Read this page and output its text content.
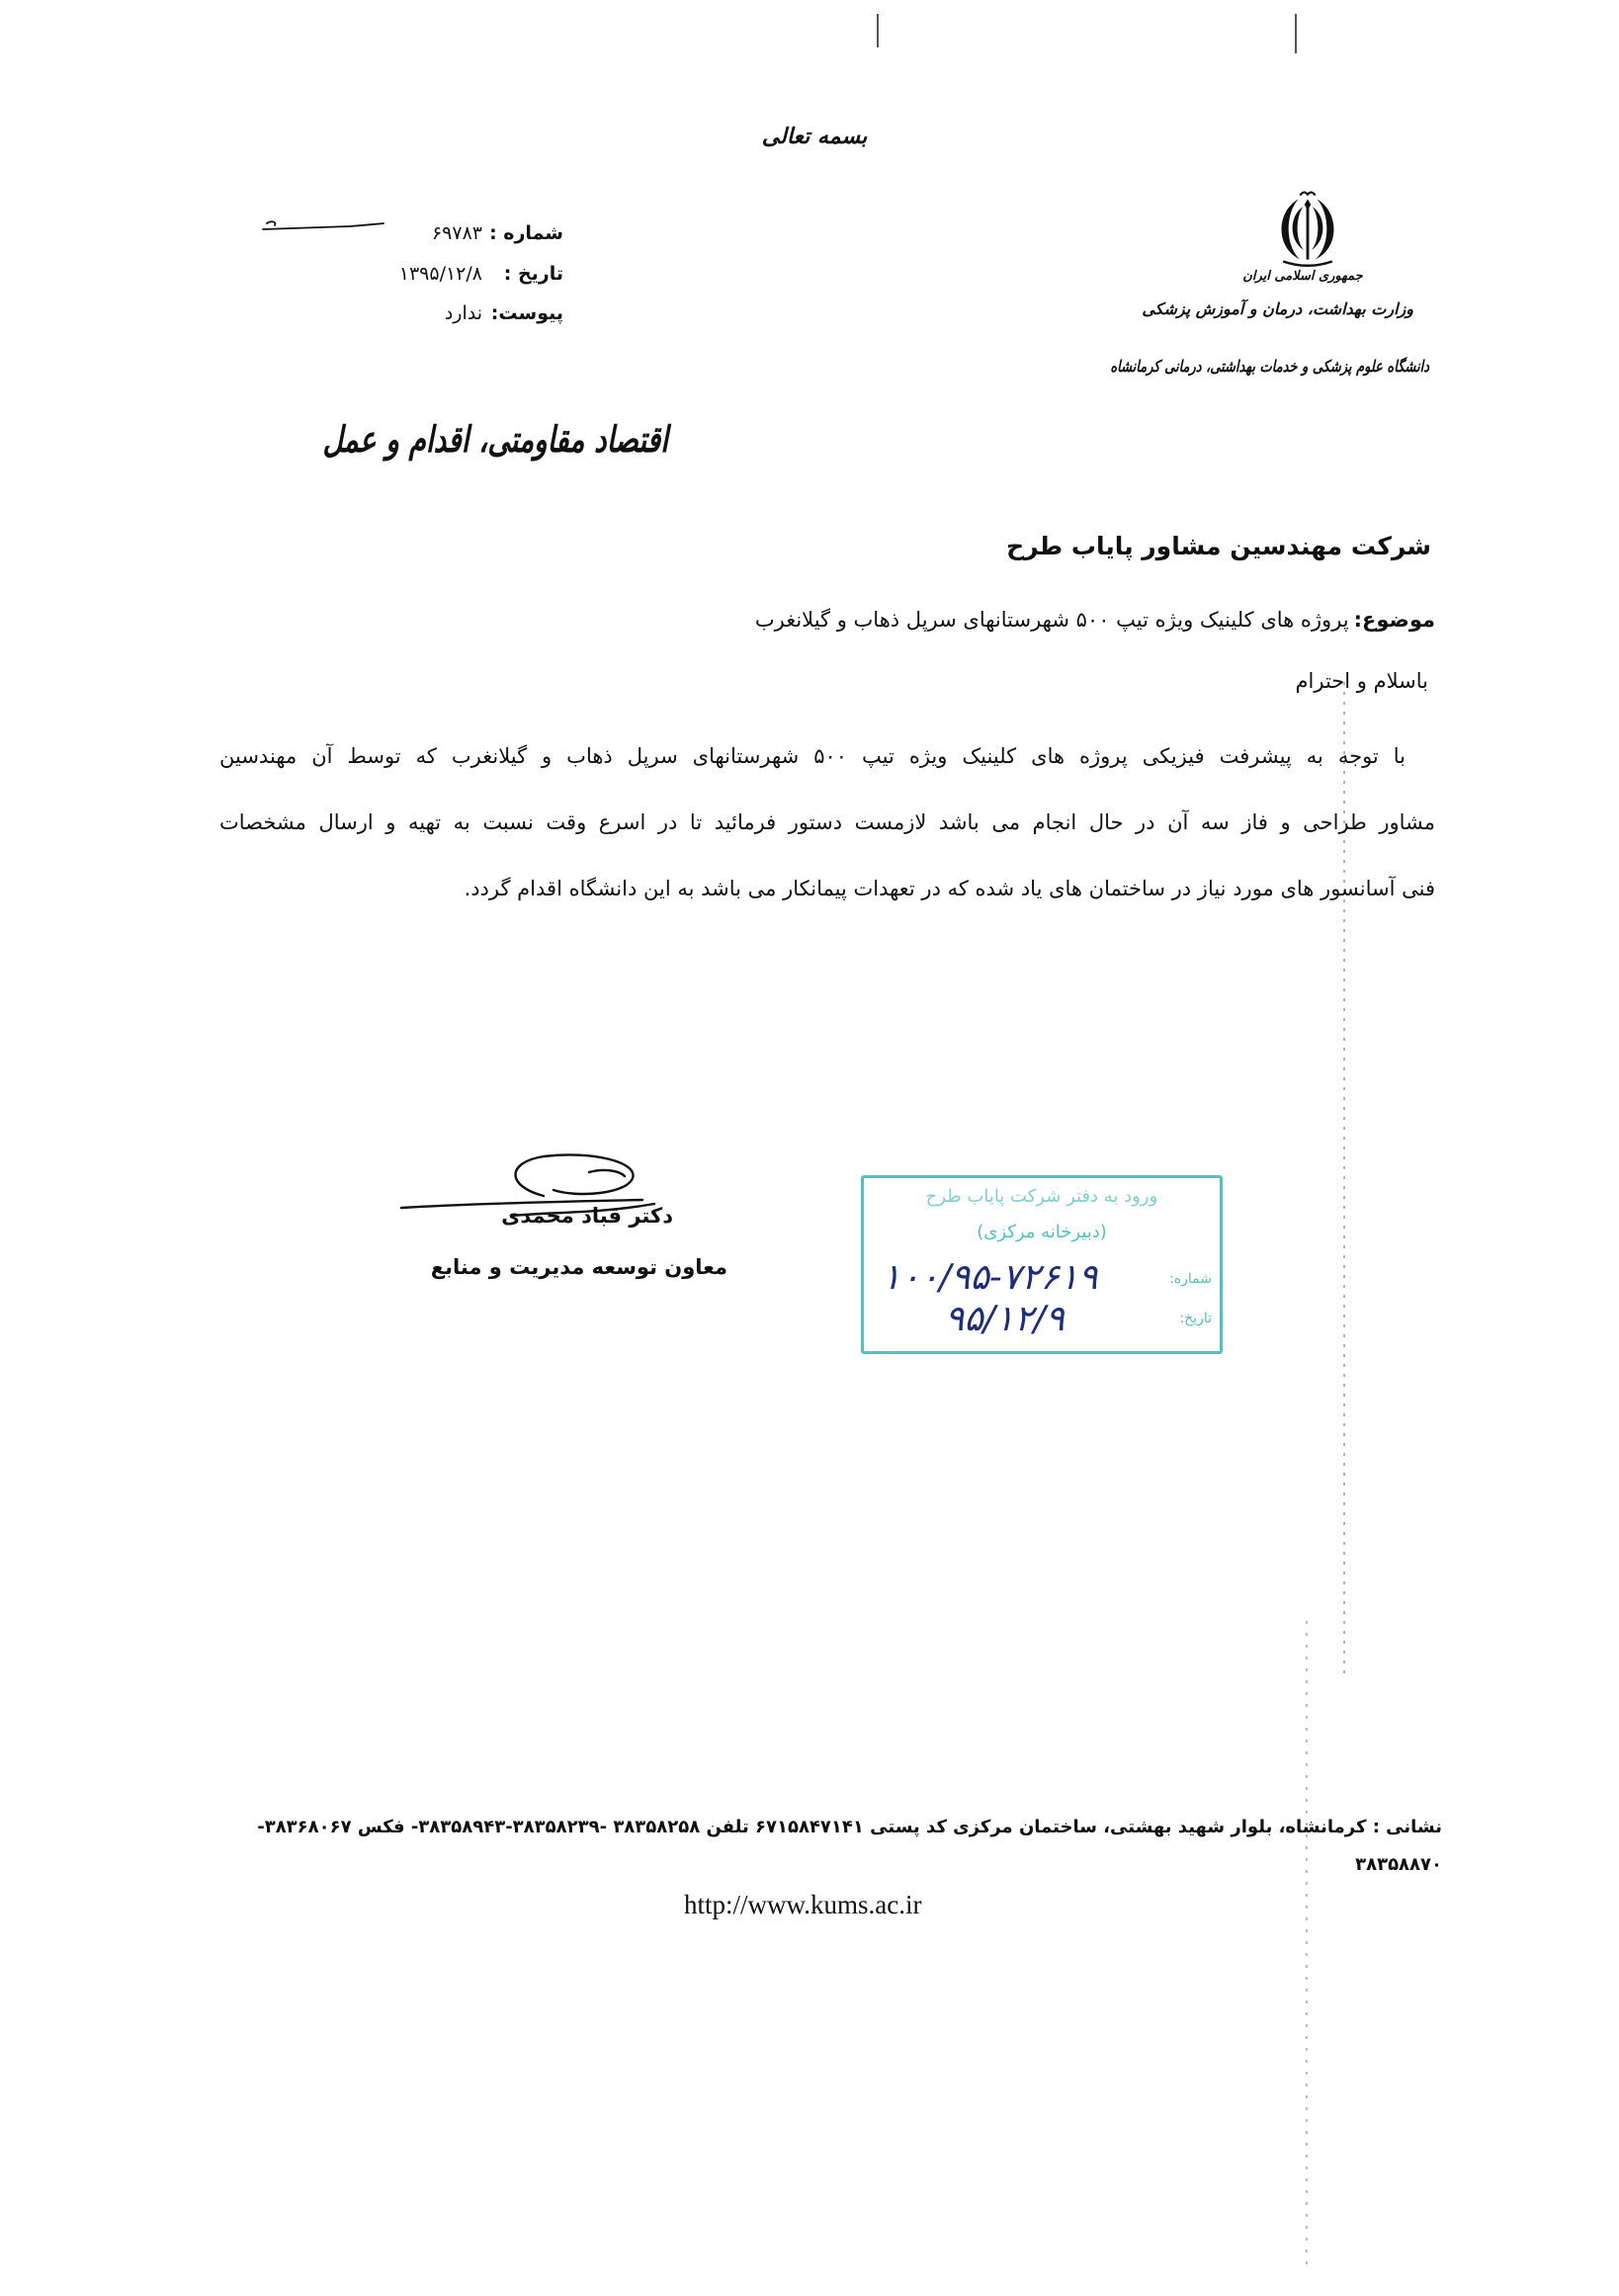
بسمه تعالی
جمهوری اسلامی ایران
وزارت بهداشت، درمان و آموزش پزشکی
دانشگاه علوم پزشکی و خدمات بهداشتی، درمانی کرمانشاه
شماره :
۶۹۷۸۳
تاریخ :
۱۳۹۵/۱۲/۸
پیوست:
ندارد
اقتصاد مقاومتی، اقدام و عمل
شرکت مهندسین مشاور پایاب طرح
موضوع:پروژه های کلینیک ویژه تیپ ۵۰۰ شهرستانهای سرپل ذهاب و گیلانغرب
باسلام و احترام
با توجه به پیشرفت فیزیکی پروژه های کلینیک ویژه تیپ ۵۰۰ شهرستانهای سرپل ذهاب و گیلانغرب که توسط آن مهندسین
مشاور طراحی و فاز سه آن در حال انجام می باشد لازمست دستور فرمائید تا در اسرع وقت نسبت به تهیه و ارسال مشخصات
فنی آسانسور های مورد نیاز در ساختمان های یاد شده که در تعهدات پیمانکار می باشد به این دانشگاه اقدام گردد.
دکتر قباد محمدی
معاون توسعه مدیریت و منابع
ورود به دفتر شرکت پایاب طرح
(دبیرخانه مرکزی)
شماره:
۱۰۰/۹۵-۷۲۶۱۹
تاریخ:
۹۵/۱۲/۹
نشانی : کرمانشاه، بلوار شهید بهشتی، ساختمان مرکزی کد پستی ۶۷۱۵۸۴۷۱۴۱ تلفن ۳۸۳۵۸۲۵۸ -۳۸۳۵۸۲۳۹-۳۸۳۵۸۹۴۳- فکس ۳۸۳۶۸۰۶۷-
۳۸۳۵۸۸۷۰
http://www.kums.ac.ir
